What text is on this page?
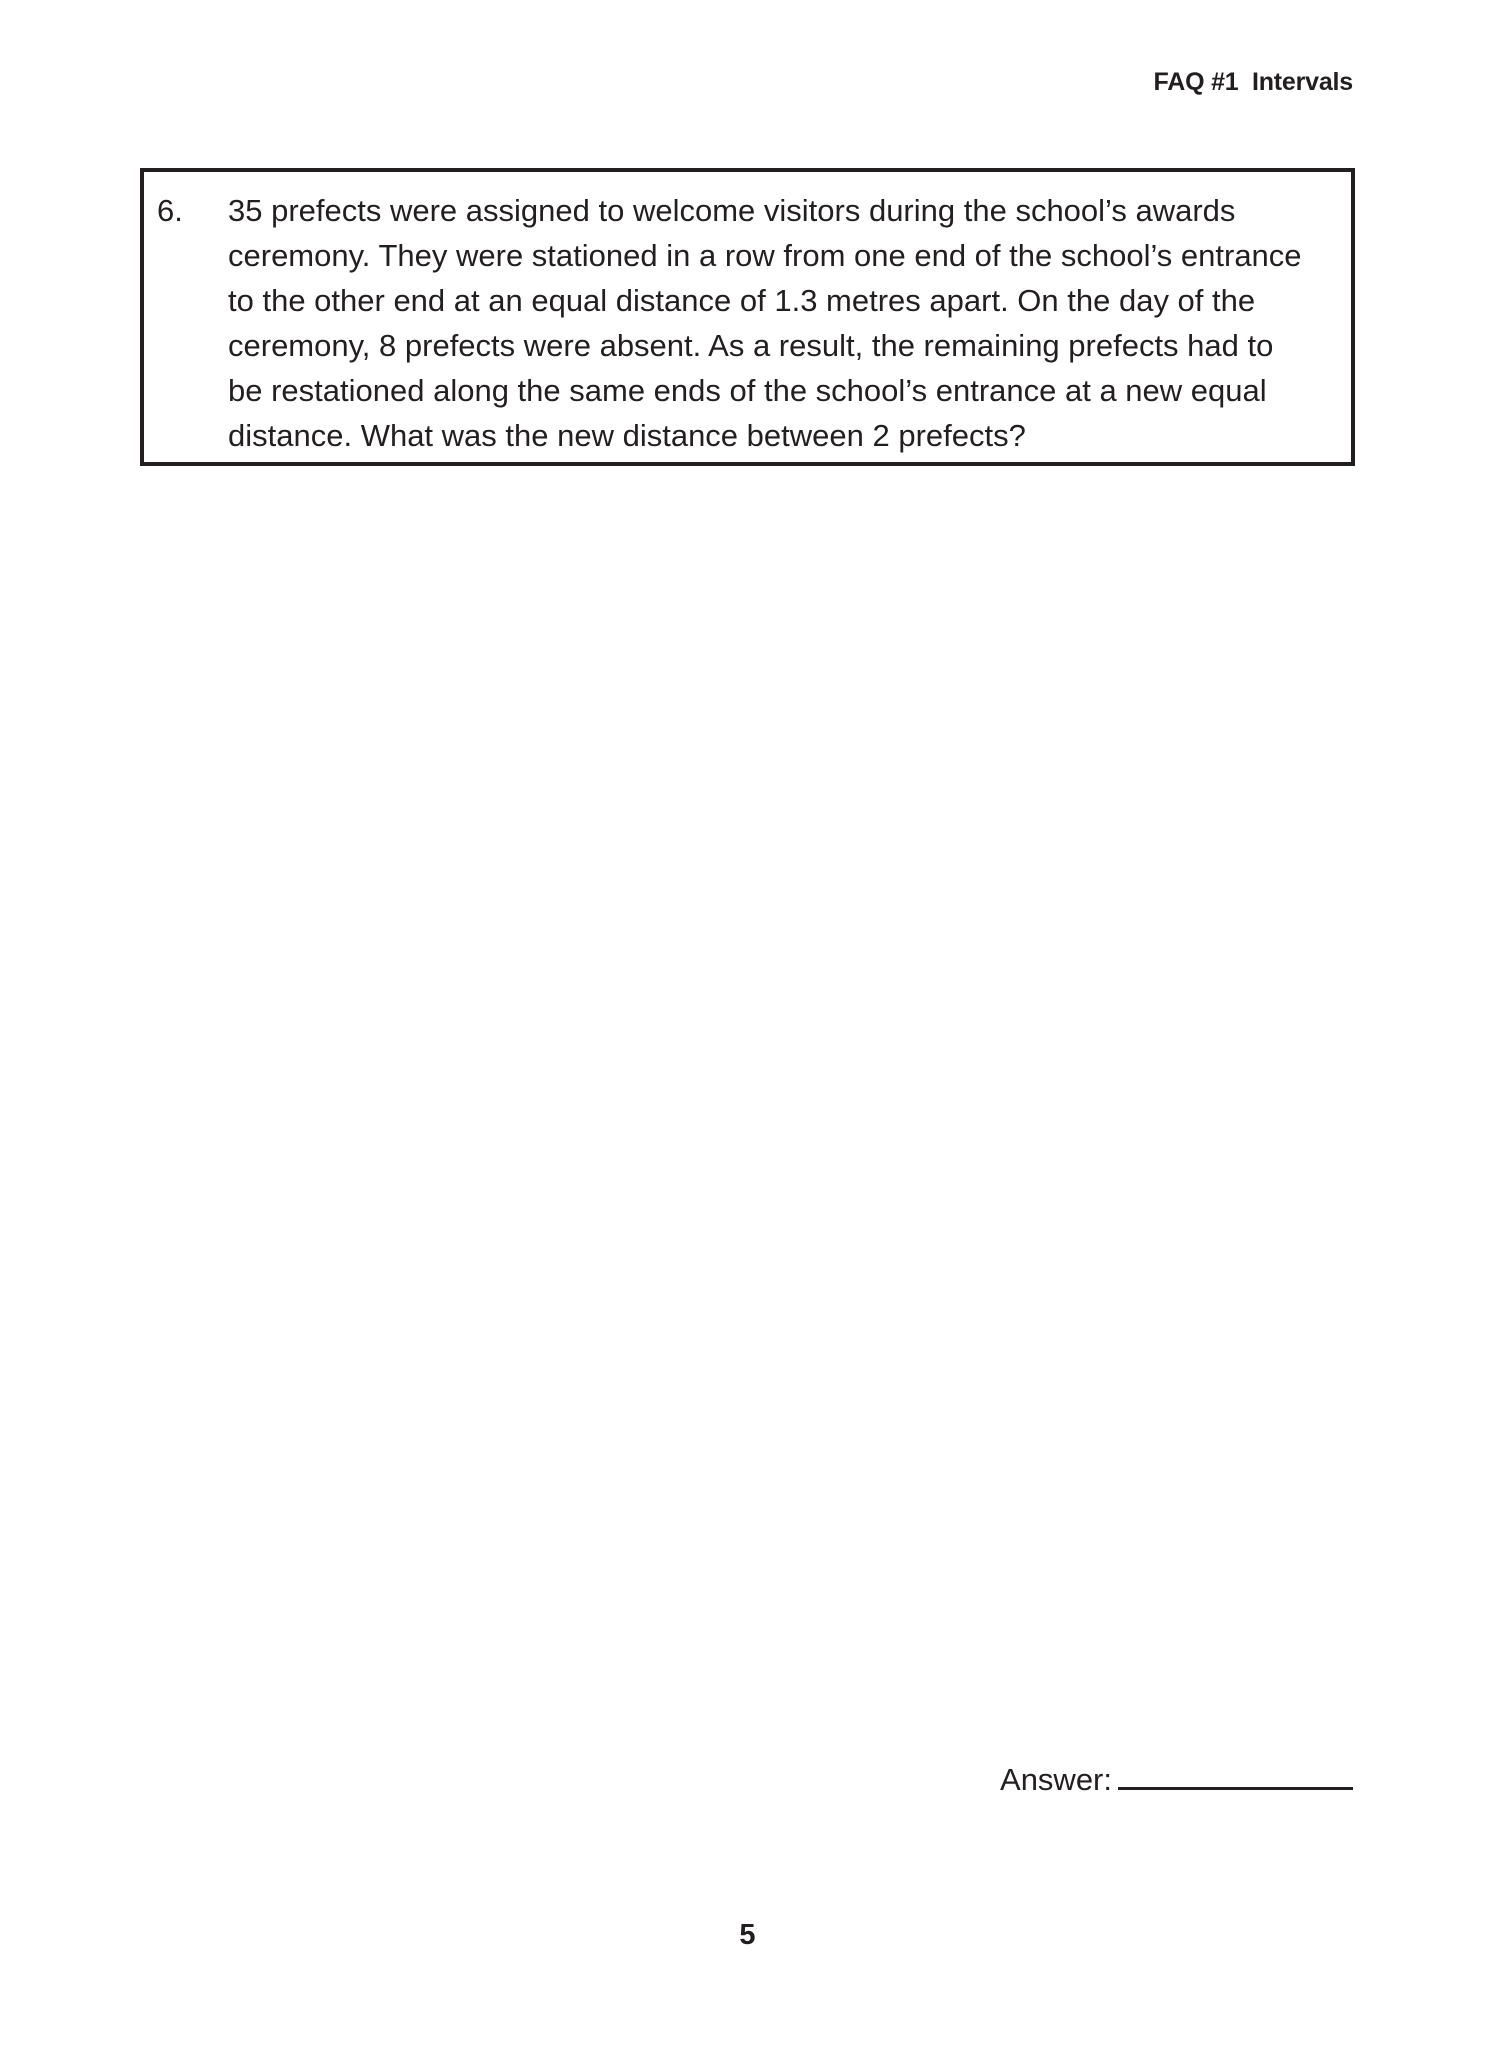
FAQ #1  Intervals
6.	35 prefects were assigned to welcome visitors during the school’s awards
ceremony. They were stationed in a row from one end of the school’s entrance
to the other end at an equal distance of 1.3 metres apart. On the day of the
ceremony, 8 prefects were absent. As a result, the remaining prefects had to
be restationed along the same ends of the school’s entrance at a new equal
distance. What was the new distance between 2 prefects?
Answer:
5
